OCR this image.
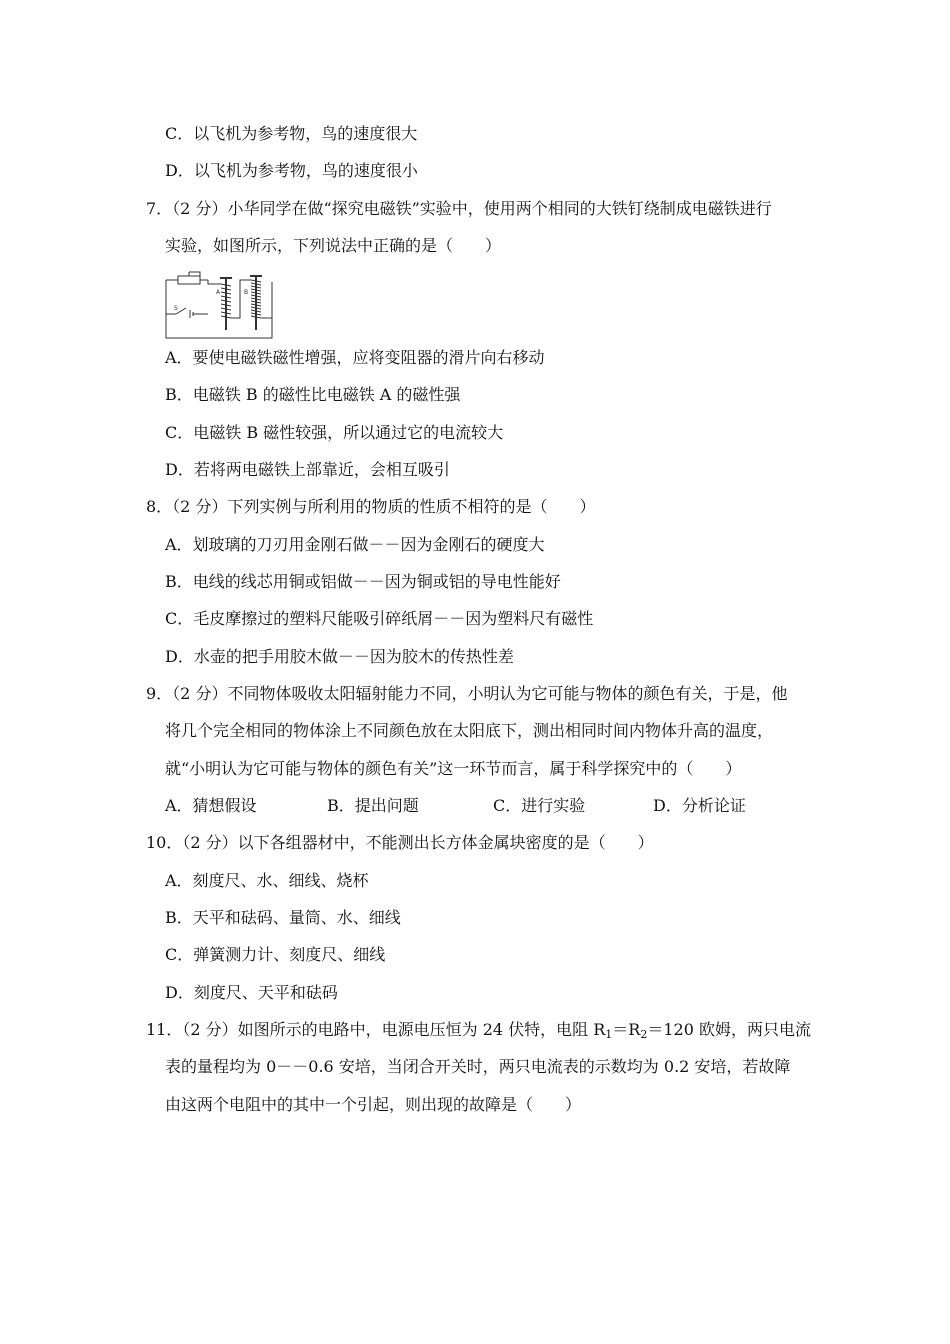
C．以飞机为参考物，鸟的速度很大
D．以飞机为参考物，鸟的速度很小
7．（2 分）小华同学在做“探究电磁铁”实验中，使用两个相同的大铁钉绕制成电磁铁进行
实验，如图所示，下列说法中正确的是（　　）
A	B
S
A．要使电磁铁磁性增强，应将变阻器的滑片向右移动
B．电磁铁 B 的磁性比电磁铁 A 的磁性强
C．电磁铁 B 磁性较强，所以通过它的电流较大
D．若将两电磁铁上部靠近，会相互吸引
8．（2 分）下列实例与所利用的物质的性质不相符的是（　　）
A．划玻璃的刀刃用金刚石做－－因为金刚石的硬度大
B．电线的线芯用铜或铝做－－因为铜或铝的导电性能好
C．毛皮摩擦过的塑料尺能吸引碎纸屑－－因为塑料尺有磁性
D．水壶的把手用胶木做－－因为胶木的传热性差
9．（2 分）不同物体吸收太阳辐射能力不同，小明认为它可能与物体的颜色有关，于是，他
将几个完全相同的物体涂上不同颜色放在太阳底下，测出相同时间内物体升高的温度，
就“小明认为它可能与物体的颜色有关”这一环节而言，属于科学探究中的（　　）
A．猜想假设	B．提出问题	C．进行实验	D．分析论证
10．（2 分）以下各组器材中，不能测出长方体金属块密度的是（　　）
A．刻度尺、水、细线、烧杯
B．天平和砝码、量筒、水、细线
C．弹簧测力计、刻度尺、细线
D．刻度尺、天平和砝码
11．（2 分）如图所示的电路中，电源电压恒为 24 伏特，电阻 $R_1=R_2=120$ 欧姆，两只电流
表的量程均为 0－－0.6 安培，当闭合开关时，两只电流表的示数均为 0.2 安培，若故障
由这两个电阻中的其中一个引起，则出现的故障是（　　）
